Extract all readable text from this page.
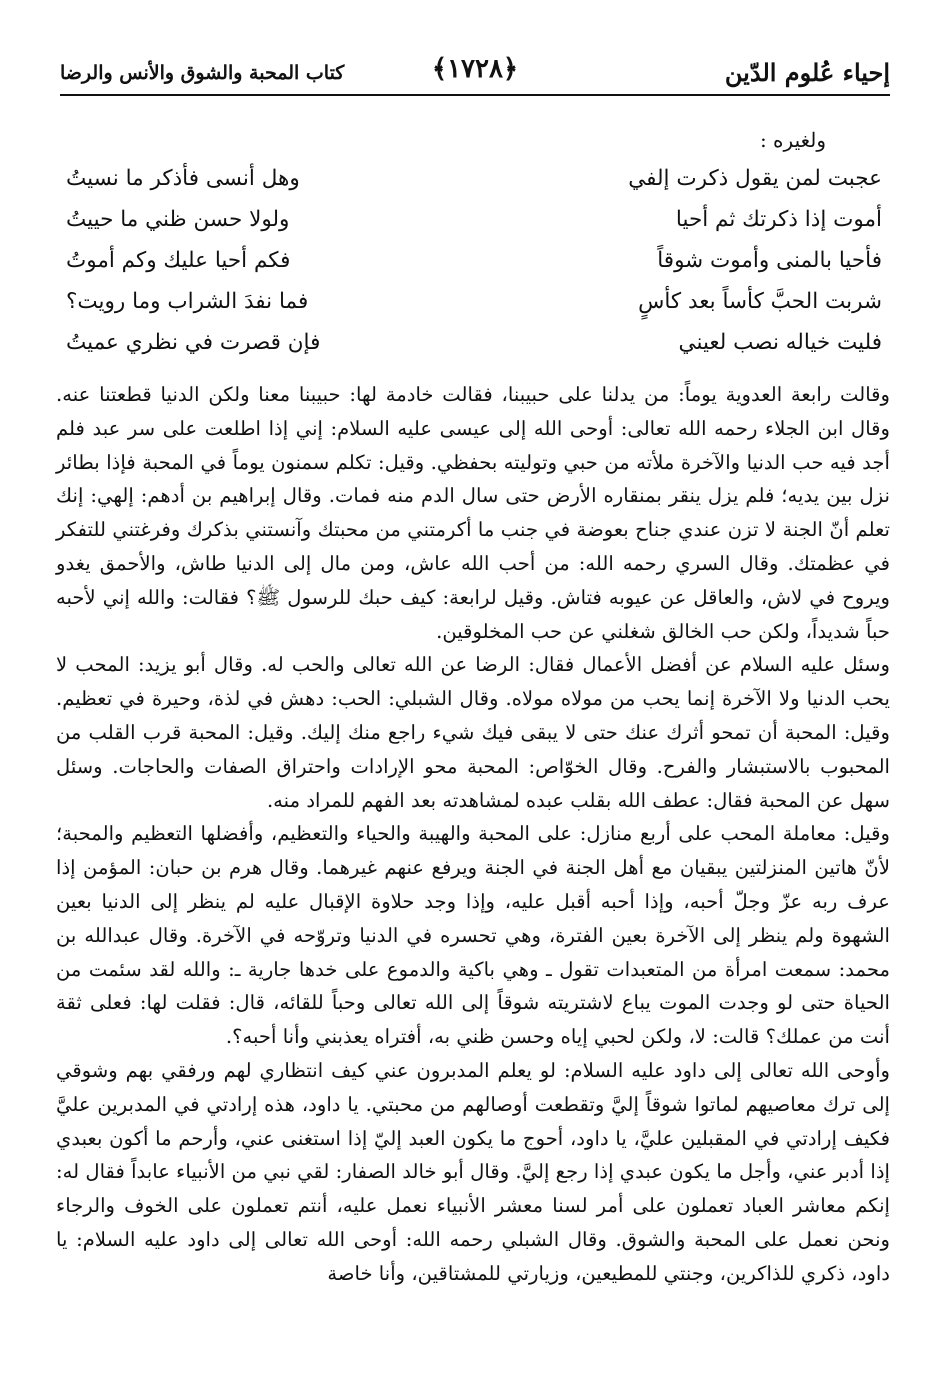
إحياء عُلوم الدّين
﴿١٧٢٨﴾
كتاب المحبة والشوق والأنس والرضا
ولغيره :
عجبت لمن يقول ذكرت إلفي
وهل أنسى فأذكر ما نسيتُ
أموت إذا ذكرتك ثم أحيا
ولولا حسن ظني ما حييتُ
فأحيا بالمنى وأموت شوقاً
فكم أحيا عليك وكم أموتُ
شربت الحبَّ كأساً بعد كأسٍ
فما نفدَ الشراب وما رويت؟
فليت خياله نصب لعيني
فإن قصرت في نظري عميتُ

وقالت رابعة العدوية يوماً: من يدلنا على حبيبنا، فقالت خادمة لها: حبيبنا معنا ولكن الدنيا قطعتنا عنه. وقال ابن الجلاء رحمه الله تعالى: أوحى الله إلى عيسى عليه السلام: إني إذا اطلعت على سر عبد فلم أجد فيه حب الدنيا والآخرة ملأته من حبي وتوليته بحفظي. وقيل: تكلم سمنون يوماً في المحبة فإذا بطائر نزل بين يديه؛ فلم يزل ينقر بمنقاره الأرض حتى سال الدم منه فمات. وقال إبراهيم بن أدهم: إلهي: إنك تعلم أنّ الجنة لا تزن عندي جناح بعوضة في جنب ما أكرمتني من محبتك وآنستني بذكرك وفرغتني للتفكر في عظمتك. وقال السري رحمه الله: من أحب الله عاش، ومن مال إلى الدنيا طاش، والأحمق يغدو ويروح في لاش، والعاقل عن عيوبه فتاش. وقيل لرابعة: كيف حبك للرسول ﷺ؟ فقالت: والله إني لأحبه حباً شديداً، ولكن حب الخالق شغلني عن حب المخلوقين.

وسئل عليه السلام عن أفضل الأعمال فقال: الرضا عن الله تعالى والحب له. وقال أبو يزيد: المحب لا يحب الدنيا ولا الآخرة إنما يحب من مولاه مولاه. وقال الشبلي: الحب: دهش في لذة، وحيرة في تعظيم. وقيل: المحبة أن تمحو أثرك عنك حتى لا يبقى فيك شيء راجع منك إليك. وقيل: المحبة قرب القلب من المحبوب بالاستبشار والفرح. وقال الخوّاص: المحبة محو الإرادات واحتراق الصفات والحاجات. وسئل سهل عن المحبة فقال: عطف الله بقلب عبده لمشاهدته بعد الفهم للمراد منه.

وقيل: معاملة المحب على أربع منازل: على المحبة والهيبة والحياء والتعظيم، وأفضلها التعظيم والمحبة؛ لأنّ هاتين المنزلتين يبقيان مع أهل الجنة في الجنة ويرفع عنهم غيرهما. وقال هرم بن حبان: المؤمن إذا عرف ربه عزّ وجلّ أحبه، وإذا أحبه أقبل عليه، وإذا وجد حلاوة الإقبال عليه لم ينظر إلى الدنيا بعين الشهوة ولم ينظر إلى الآخرة بعين الفترة، وهي تحسره في الدنيا وتروّحه في الآخرة. وقال عبدالله بن محمد: سمعت امرأة من المتعبدات تقول ـ وهي باكية والدموع على خدها جارية ـ: والله لقد سئمت من الحياة حتى لو وجدت الموت يباع لاشتريته شوقاً إلى الله تعالى وحباً للقائه، قال: فقلت لها: فعلى ثقة أنت من عملك؟ قالت: لا، ولكن لحبي إياه وحسن ظني به، أفتراه يعذبني وأنا أحبه؟.

وأوحى الله تعالى إلى داود عليه السلام: لو يعلم المدبرون عني كيف انتظاري لهم ورفقي بهم وشوقي إلى ترك معاصيهم لماتوا شوقاً إليَّ وتقطعت أوصالهم من محبتي. يا داود، هذه إرادتي في المدبرين عليَّ فكيف إرادتي في المقبلين عليَّ، يا داود، أحوج ما يكون العبد إليّ إذا استغنى عني، وأرحم ما أكون بعبدي إذا أدبر عني، وأجل ما يكون عبدي إذا رجع إليَّ. وقال أبو خالد الصفار: لقي نبي من الأنبياء عابداً فقال له: إنكم معاشر العباد تعملون على أمر لسنا معشر الأنبياء نعمل عليه، أنتم تعملون على الخوف والرجاء ونحن نعمل على المحبة والشوق. وقال الشبلي رحمه الله: أوحى الله تعالى إلى داود عليه السلام: يا داود، ذكري للذاكرين، وجنتي للمطيعين، وزيارتي للمشتاقين، وأنا خاصة
